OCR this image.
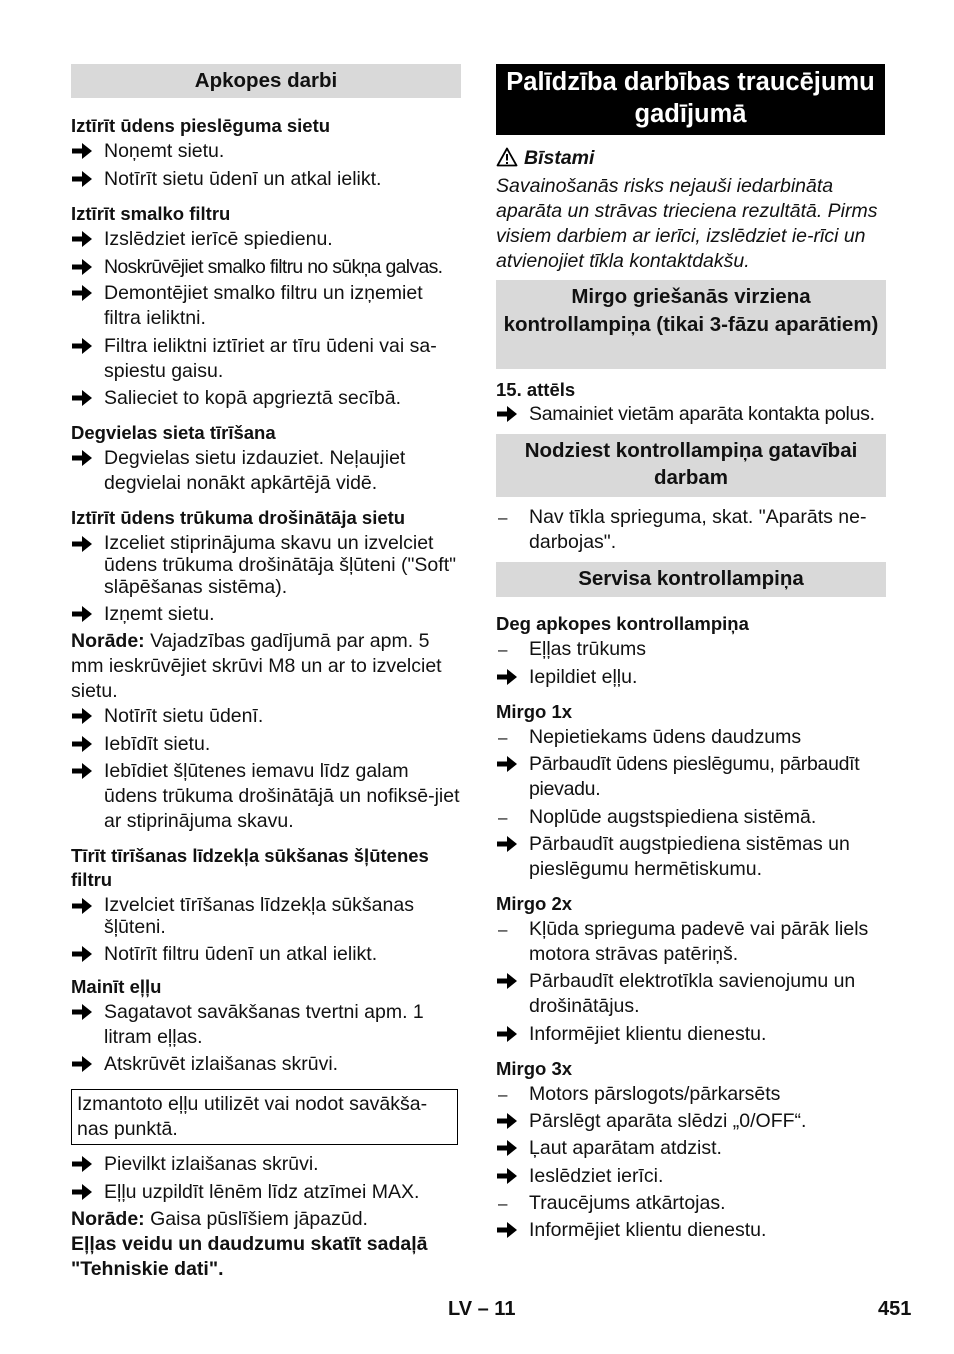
Apkopes darbi
Iztīrīt ūdens pieslēguma sietu
Noņemt sietu.
Notīrīt sietu ūdenī un atkal ielikt.
Iztīrīt smalko filtru
Izslēdziet ierīcē spiedienu.
Noskrūvējiet smalko filtru no sūkņa galvas.
Demontējiet smalko filtru un izņemiet filtra ieliktni.
Filtra ieliktni iztīriet ar tīru ūdeni vai sa-spiestu gaisu.
Salieciet to kopā apgrieztā secībā.
Degvielas sieta tīrīšana
Degvielas sietu izdauziet. Neļaujiet degvielai nonākt apkārtējā vidē.
Iztīrīt ūdens trūkuma drošinātāja sietu
Izceliet stiprinājuma skavu un izvelciet ūdens trūkuma drošinātāja šļūteni ("Soft" slāpēšanas sistēma).
Izņemt sietu.
Norāde: Vajadzības gadījumā par apm. 5 mm ieskrūvējiet skrūvi M8 un ar to izvelciet sietu.
Notīrīt sietu ūdenī.
Iebīdīt sietu.
Iebīdiet šļūtenes iemavu līdz galam ūdens trūkuma drošinātājā un nofiksē-jiet ar stiprinājuma skavu.
Tīrīt tīrīšanas līdzekļa sūkšanas šļūtenes filtru
Izvelciet tīrīšanas līdzekļa sūkšanas šļūteni.
Notīrīt filtru ūdenī un atkal ielikt.
Mainīt eļļu
Sagatavot savākšanas tvertni apm. 1 litram eļļas.
Atskrūvēt izlaišanas skrūvi.
Izmantoto eļļu utilizēt vai nodot savākša-nas punktā.
Pievilkt izlaišanas skrūvi.
Eļļu uzpildīt lēnēm līdz atzīmei MAX.
Norāde: Gaisa pūslīšiem jāpazūd.
Eļļas veidu un daudzumu skatīt sadaļā "Tehniskie dati".
Palīdzība darbības traucējumu gadījumā
Bīstami
Savainošanās risks nejauši iedarbināta aparāta un strāvas trieciena rezultātā. Pirms visiem darbiem ar ierīci, izslēdziet ie-rīci un atvienojiet tīkla kontaktdakšu.
Mirgo griešanās virziena kontrollampiņa (tikai 3-fāzu aparātiem)
15. attēls
Samainiet vietām aparāta kontakta polus.
Nodziest kontrollampiņa gatavībai darbam
– Nav tīkla sprieguma, skat. "Aparāts ne-darbojas".
Servisa kontrollampiņa
Deg apkopes kontrollampiņa
– Eļļas trūkums
Iepildiet eļļu.
Mirgo 1x
– Nepietiekams ūdens daudzums
Pārbaudīt ūdens pieslēgumu, pārbaudīt pievadu.
– Noplūde augstspiediena sistēmā.
Pārbaudīt augstpiediena sistēmas un pieslēgumu hermētiskumu.
Mirgo 2x
– Kļūda sprieguma padevē vai pārāk liels motora strāvas patēriņš.
Pārbaudīt elektrotīkla savienojumu un drošinātājus.
Informējiet klientu dienestu.
Mirgo 3x
– Motors pārslogots/pārkarsēts
Pārslēgt aparāta slēdzi „0/OFF“.
Ļaut aparātam atdzist.
Ieslēdziet ierīci.
– Traucējums atkārtojas.
Informējiet klientu dienestu.
LV – 11	451
